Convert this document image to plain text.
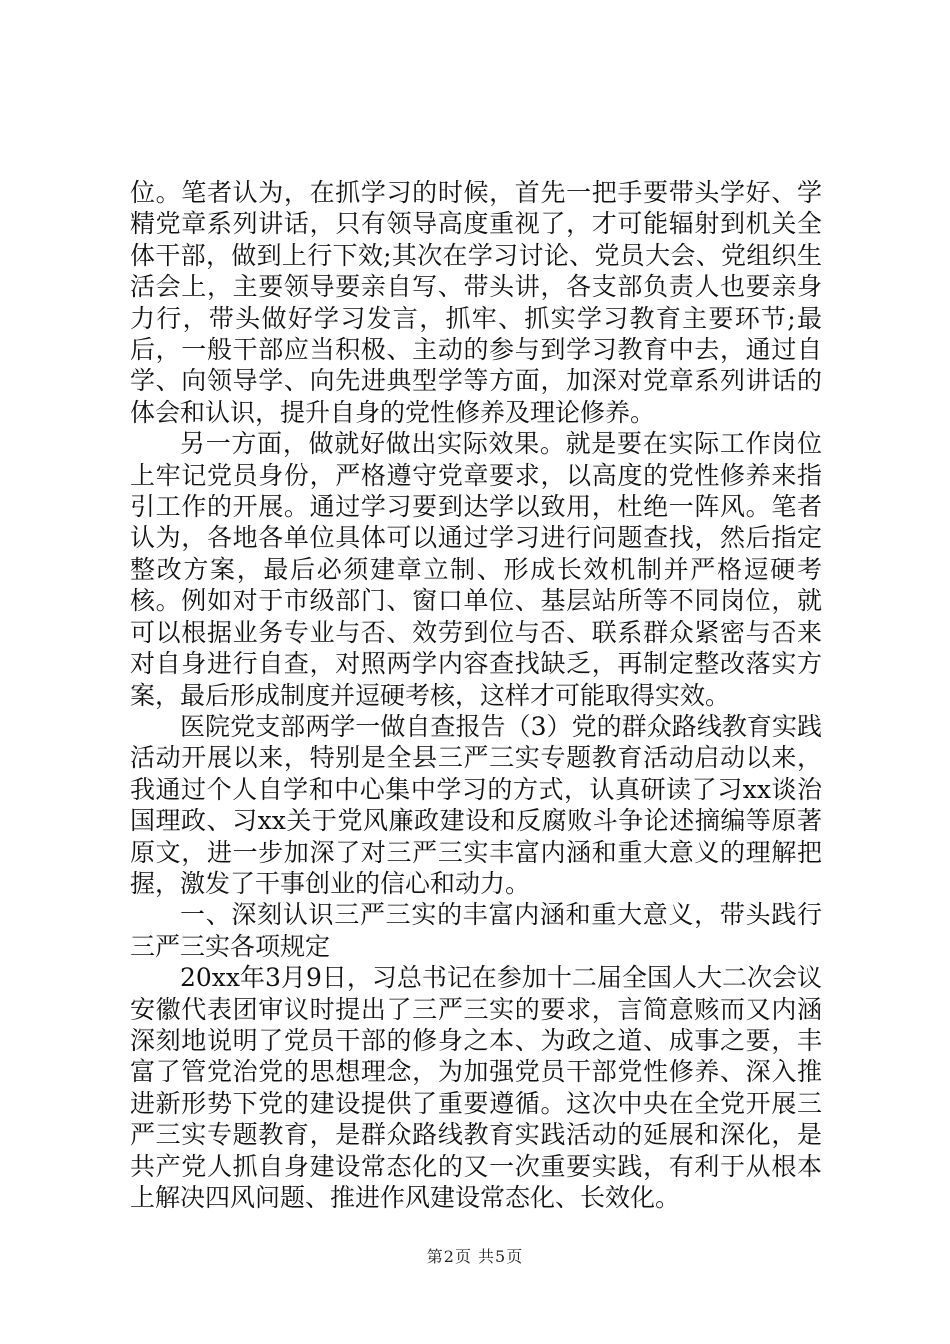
位。笔者认为，在抓学习的时候，首先一把手要带头学好、学精党章系列讲话，只有领导高度重视了，才可能辐射到机关全体干部，做到上行下效;其次在学习讨论、党员大会、党组织生活会上，主要领导要亲自写、带头讲，各支部负责人也要亲身力行，带头做好学习发言，抓牢、抓实学习教育主要环节;最后，一般干部应当积极、主动的参与到学习教育中去，通过自学、向领导学、向先进典型学等方面，加深对党章系列讲话的体会和认识，提升自身的党性修养及理论修养。

另一方面，做就好做出实际效果。就是要在实际工作岗位上牢记党员身份，严格遵守党章要求，以高度的党性修养来指引工作的开展。通过学习要到达学以致用，杜绝一阵风。笔者认为，各地各单位具体可以通过学习进行问题查找，然后指定整改方案，最后必须建章立制、形成长效机制并严格逗硬考核。例如对于市级部门、窗口单位、基层站所等不同岗位，就可以根据业务专业与否、效劳到位与否、联系群众紧密与否来对自身进行自查，对照两学内容查找缺乏，再制定整改落实方案，最后形成制度并逗硬考核，这样才可能取得实效。

医院党支部两学一做自查报告（3）党的群众路线教育实践活动开展以来，特别是全县三严三实专题教育活动启动以来，我通过个人自学和中心集中学习的方式，认真研读了习xx谈治国理政、习xx关于党风廉政建设和反腐败斗争论述摘编等原著原文，进一步加深了对三严三实丰富内涵和重大意义的理解把握，激发了干事创业的信心和动力。

一、深刻认识三严三实的丰富内涵和重大意义，带头践行三严三实各项规定

20xx年3月9日，习总书记在参加十二届全国人大二次会议安徽代表团审议时提出了三严三实的要求，言简意赅而又内涵深刻地说明了党员干部的修身之本、为政之道、成事之要，丰富了管党治党的思想理念，为加强党员干部党性修养、深入推进新形势下党的建设提供了重要遵循。这次中央在全党开展三严三实专题教育，是群众路线教育实践活动的延展和深化，是共产党人抓自身建设常态化的又一次重要实践，有利于从根本上解决四风问题、推进作风建设常态化、长效化。

第2页 共5页
